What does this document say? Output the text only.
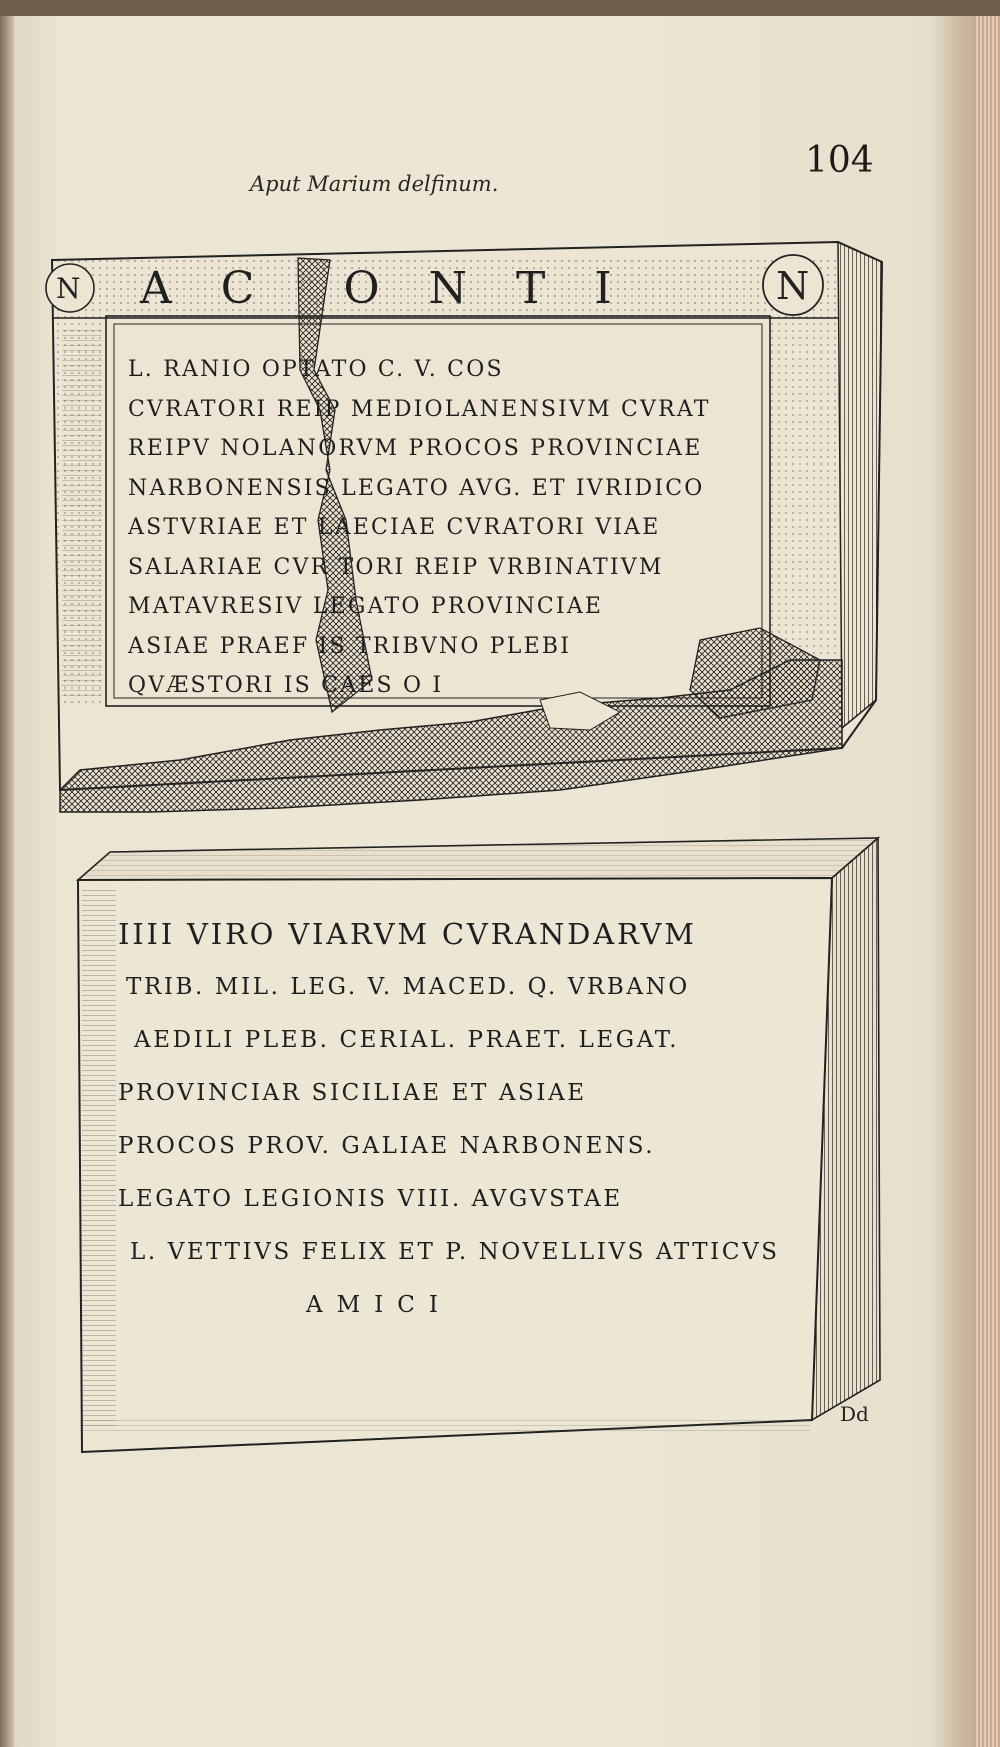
Aput Marium delfinum.
104
A C O N T I
N	N
L. RANIO OPTATO C. V. COS
CVRATORI REIP MEDIOLANENSIVM CVRAT
REIPV NOLANORVM PROCOS PROVINCIAE
NARBONENSIS LEGATO AVG. ET IVRIDICO
ASTVRIAE ET LAECIAE CVRATORI VIAE
SALARIAE CVR TORI REIP VRBINATIVM
MATAVRESIV LEGATO PROVINCIAE
ASIAE PRAEF IS TRIBVNO PLEBI
QVÆSTORI IS CAES O I
IIII VIRO VIARVM CVRANDARVM
TRIB. MIL. LEG. V. MACED. Q. VRBANO
AEDILI PLEB. CERIAL. PRAET. LEGAT.
PROVINCIAR SICILIAE ET ASIAE
PROCOS PROV. GALIAE NARBONENS.
LEGATO LEGIONIS VIII. AVGVSTAE
L. VETTIVS FELIX ET P. NOVELLIVS ATTICVS
AMICI
Dd
